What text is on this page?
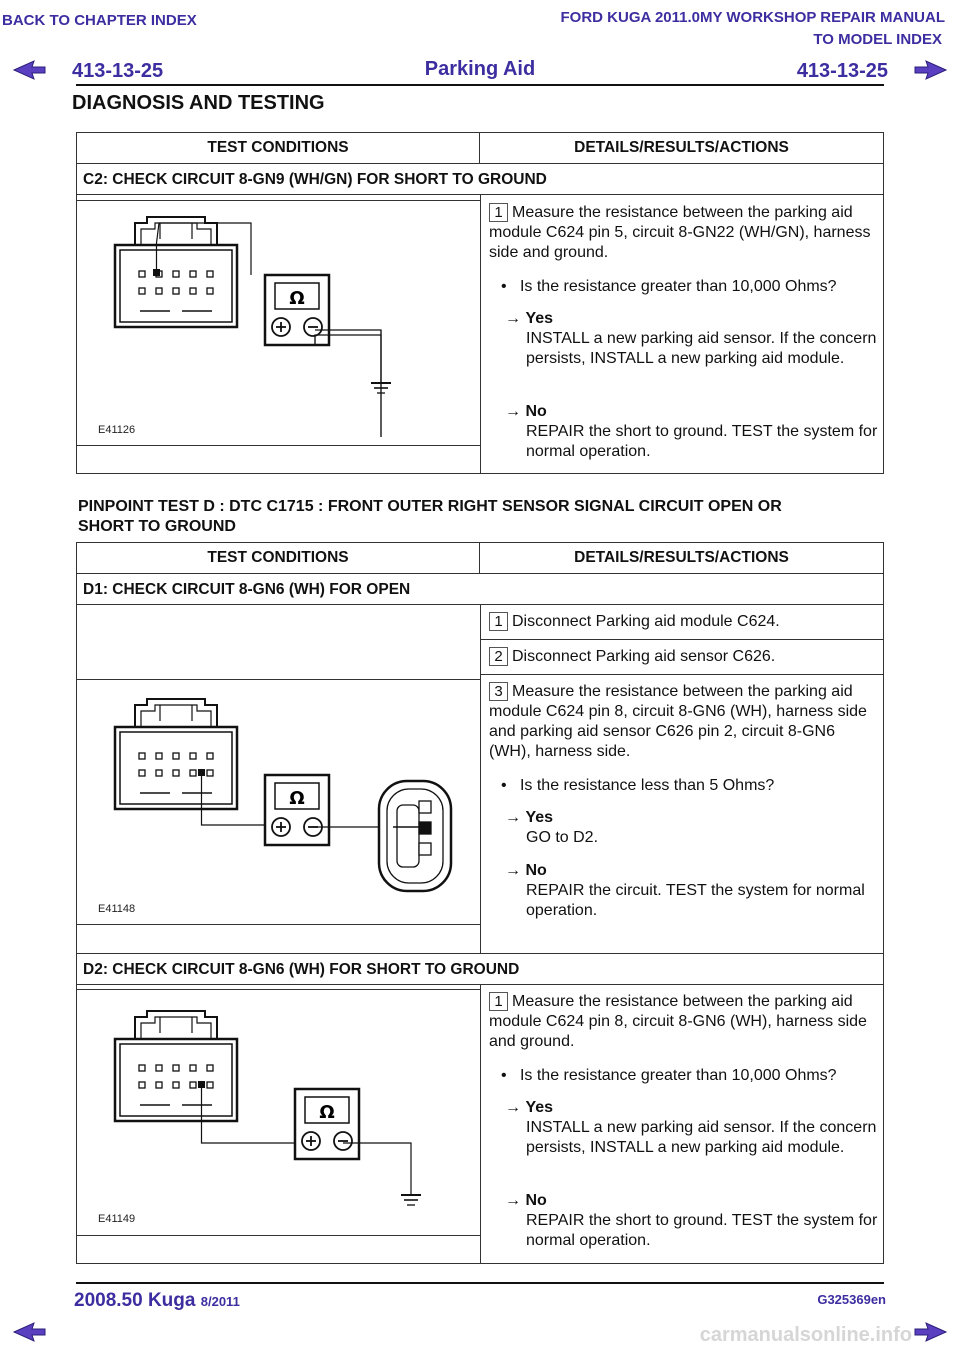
BACK TO CHAPTER INDEX	FORD KUGA 2011.0MY WORKSHOP REPAIR MANUAL
TO MODEL INDEX
413-13-25	Parking Aid	413-13-25
DIAGNOSIS AND TESTING
TEST CONDITIONS	DETAILS/RESULTS/ACTIONS
C2: CHECK CIRCUIT 8-GN9 (WH/GN) FOR SHORT TO GROUND
E41126
1 Measure the resistance between the parking aid module C624 pin 5, circuit 8-GN22 (WH/GN), harness side and ground.
• Is the resistance greater than 10,000 Ohms?
→ Yes
INSTALL a new parking aid sensor. If the concern persists, INSTALL a new parking aid module.
→ No
REPAIR the short to ground. TEST the system for normal operation.
PINPOINT TEST D : DTC C1715 : FRONT OUTER RIGHT SENSOR SIGNAL CIRCUIT OPEN OR
SHORT TO GROUND
TEST CONDITIONS	DETAILS/RESULTS/ACTIONS
D1: CHECK CIRCUIT 8-GN6 (WH) FOR OPEN
1 Disconnect Parking aid module C624.
2 Disconnect Parking aid sensor C626.
E41148
3 Measure the resistance between the parking aid module C624 pin 8, circuit 8-GN6 (WH), harness side and parking aid sensor C626 pin 2, circuit 8-GN6 (WH), harness side.
• Is the resistance less than 5 Ohms?
→ Yes
GO to D2.
→ No
REPAIR the circuit. TEST the system for normal operation.
D2: CHECK CIRCUIT 8-GN6 (WH) FOR SHORT TO GROUND
E41149
1 Measure the resistance between the parking aid module C624 pin 8, circuit 8-GN6 (WH), harness side and ground.
• Is the resistance greater than 10,000 Ohms?
→ Yes
INSTALL a new parking aid sensor. If the concern persists, INSTALL a new parking aid module.
→ No
REPAIR the short to ground. TEST the system for normal operation.
2008.50 Kuga 8/2011	G325369en
carmanualsonline.info
